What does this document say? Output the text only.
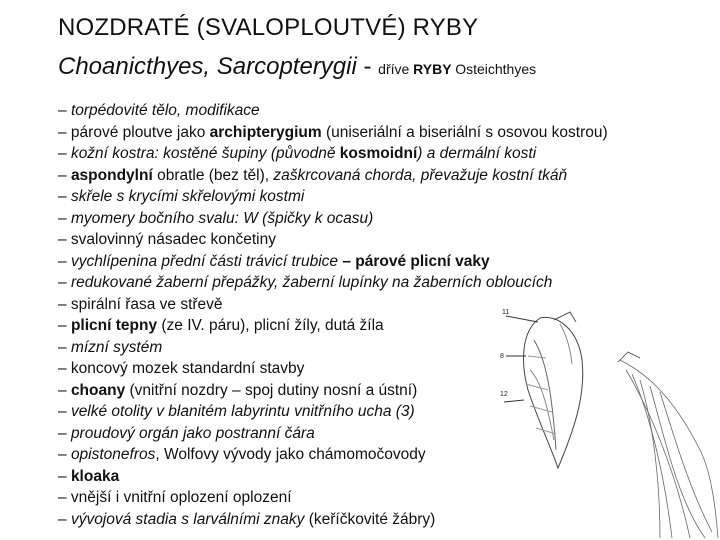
NOZDRATÉ (SVALOPLOUTVÉ) RYBY
Choanicthyes, Sarcopterygii - dříve RYBY Osteichthyes
– torpédovité tělo, modifikace
– párové ploutve jako archipterygium (uniseriální a biseriální s osovou kostrou)
– kožní kostra: kostěné šupiny (původně kosmoidní) a dermální kosti
– aspondylní obratle (bez těl), zaškrcovaná chorda, převažuje kostní tkáň
– skřele s krycími skřelovými kostmi
– myomery bočního svalu: W (špičky k ocasu)
– svalovinný násadec končetiny
– vychlípenina přední části trávicí trubice – párové plicní vaky
– redukované žaberní přepážky, žaberní lupínky na žaberních obloucích
– spirální řasa ve střevě
– plicní tepny (ze IV. páru), plicní žíly, dutá žíla
– mízní systém
– koncový mozek standardní stavby
– choany (vnitřní nozdry – spoj dutiny nosní a ústní)
– velké otolity v blanitém labyrintu vnitřního ucha (3)
– proudový orgán jako postranní čára
– opistonefros, Wolfovy vývody jako chámomočovody
– kloaka
– vnější i vnitřní oplození oplození
– vývojová stadia s larválními znaky (keříčkovité žábry)
11
8
12
